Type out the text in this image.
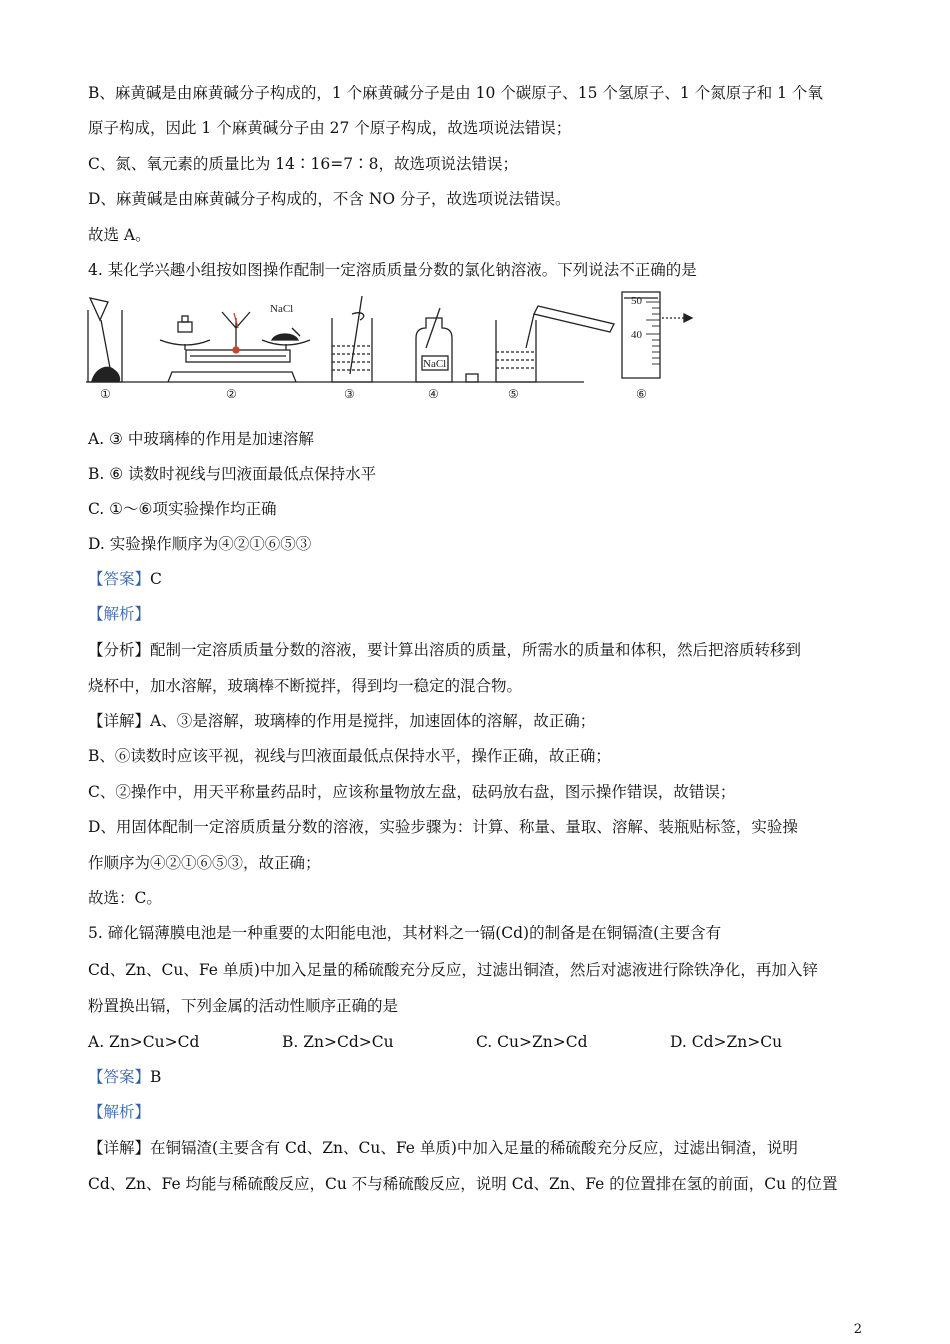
B、麻黄碱是由麻黄碱分子构成的，1 个麻黄碱分子是由 10 个碳原子、15 个氢原子、1 个氮原子和 1 个氧
原子构成，因此 1 个麻黄碱分子由 27 个原子构成，故选项说法错误；
C、氮、氧元素的质量比为 14∶16=7∶8，故选项说法错误；
D、麻黄碱是由麻黄碱分子构成的，不含 NO 分子，故选项说法错误。
故选 A。
4. 某化学兴趣小组按如图操作配制一定溶质质量分数的氯化钠溶液。下列说法不正确的是
NaCl
NaCl
50
40
①	②	③	④	⑤	⑥
A. ③ 中玻璃棒的作用是加速溶解
B. ⑥ 读数时视线与凹液面最低点保持水平
C. ①～⑥项实验操作均正确
D. 实验操作顺序为④②①⑥⑤③
【答案】C
【解析】
【分析】配制一定溶质质量分数的溶液，要计算出溶质的质量，所需水的质量和体积，然后把溶质转移到
烧杯中，加水溶解，玻璃棒不断搅拌，得到均一稳定的混合物。
【详解】A、③是溶解，玻璃棒的作用是搅拌，加速固体的溶解，故正确；
B、⑥读数时应该平视，视线与凹液面最低点保持水平，操作正确，故正确；
C、②操作中，用天平称量药品时，应该称量物放左盘，砝码放右盘，图示操作错误，故错误；
D、用固体配制一定溶质质量分数的溶液，实验步骤为：计算、称量、量取、溶解、装瓶贴标签，实验操
作顺序为④②①⑥⑤③，故正确；
故选：C。
5. 碲化镉薄膜电池是一种重要的太阳能电池，其材料之一镉(Cd)的制备是在铜镉渣(主要含有
Cd、Zn、Cu、Fe 单质)中加入足量的稀硫酸充分反应，过滤出铜渣，然后对滤液进行除铁净化，再加入锌
粉置换出镉，下列金属的活动性顺序正确的是
A. Zn>Cu>Cd	B. Zn>Cd>Cu	C. Cu>Zn>Cd	D. Cd>Zn>Cu
【答案】B
【解析】
【详解】在铜镉渣(主要含有 Cd、Zn、Cu、Fe 单质)中加入足量的稀硫酸充分反应，过滤出铜渣，说明
Cd、Zn、Fe 均能与稀硫酸反应，Cu 不与稀硫酸反应，说明 Cd、Zn、Fe 的位置排在氢的前面，Cu 的位置
2
